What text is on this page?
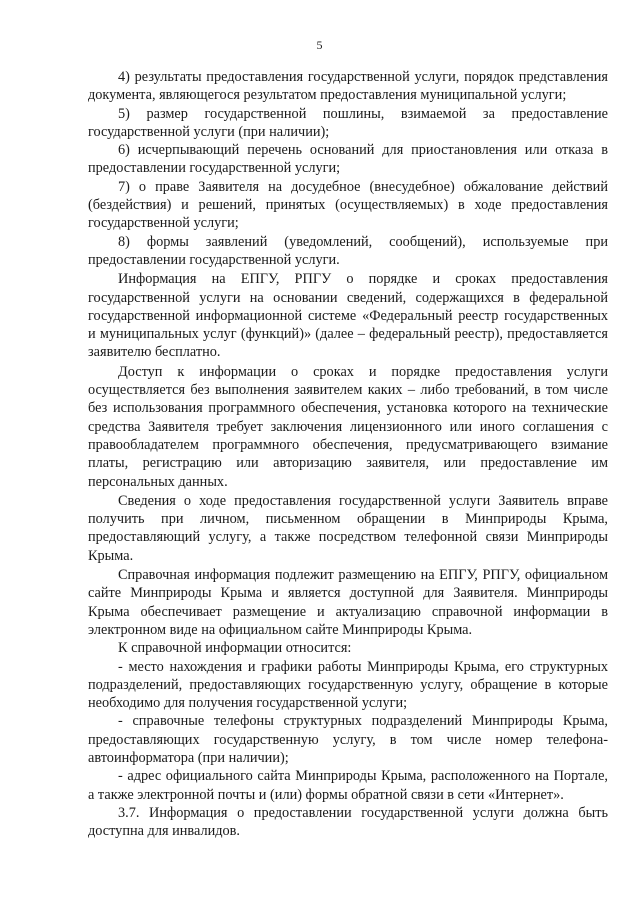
5

4) результаты предоставления государственной услуги, порядок представления документа, являющегося результатом предоставления муниципальной услуги;

5) размер государственной пошлины, взимаемой за предоставление государственной услуги (при наличии);

6) исчерпывающий перечень оснований для приостановления или отказа в предоставлении государственной услуги;

7) о праве Заявителя на досудебное (внесудебное) обжалование действий (бездействия) и решений, принятых (осуществляемых) в ходе предоставления государственной услуги;

8) формы заявлений (уведомлений, сообщений), используемые при предоставлении государственной услуги.

Информация на ЕПГУ, РПГУ о порядке и сроках предоставления государственной услуги на основании сведений, содержащихся в федеральной государственной информационной системе «Федеральный реестр государственных и муниципальных услуг (функций)» (далее – федеральный реестр), предоставляется заявителю бесплатно.

Доступ к информации о сроках и порядке предоставления услуги осуществляется без выполнения заявителем каких – либо требований, в том числе без использования программного обеспечения, установка которого на технические средства Заявителя требует заключения лицензионного или иного соглашения с правообладателем программного обеспечения, предусматривающего взимание платы, регистрацию или авторизацию заявителя, или предоставление им персональных данных.

Сведения о ходе предоставления государственной услуги Заявитель вправе получить при личном, письменном обращении в Минприроды Крыма, предоставляющий услугу, а также посредством телефонной связи Минприроды Крыма.

Справочная информация подлежит размещению на ЕПГУ, РПГУ, официальном сайте Минприроды Крыма и является доступной для Заявителя. Минприроды Крыма обеспечивает размещение и актуализацию справочной информации в электронном виде на официальном сайте Минприроды Крыма.

К справочной информации относится:

- место нахождения и графики работы Минприроды Крыма, его структурных подразделений, предоставляющих государственную услугу, обращение в которые необходимо для получения государственной услуги;

- справочные телефоны структурных подразделений Минприроды Крыма, предоставляющих государственную услугу, в том числе номер телефона-автоинформатора (при наличии);

- адрес официального сайта Минприроды Крыма, расположенного на Портале, а также электронной почты и (или) формы обратной связи в сети «Интернет».

3.7. Информация о предоставлении государственной услуги должна быть доступна для инвалидов.
